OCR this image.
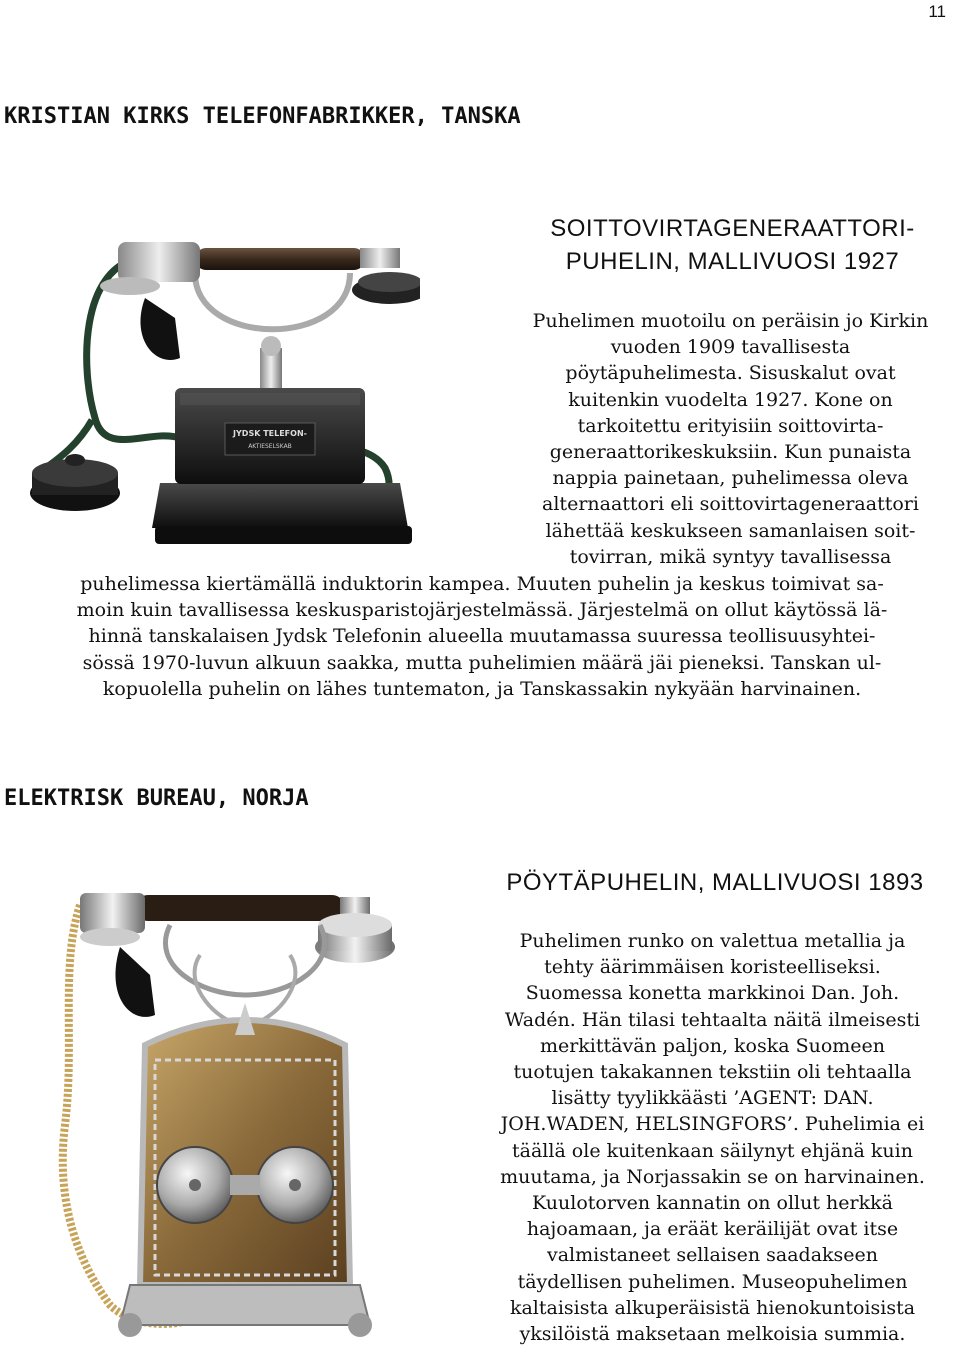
11
KRISTIAN KIRKS TELEFONFABRIKKER, TANSKA
SOITTOVIRTAGENERAATTORI-
PUHELIN, MALLIVUOSI 1927
JYDSK TELEFON-
AKTIESELSKAB
Puhelimen muotoilu on peräisin jo Kirkin
vuoden 1909 tavallisesta
pöytäpuhelimesta. Sisuskalut ovat
kuitenkin vuodelta 1927. Kone on
tarkoitettu erityisiin soittovirta-
generaattorikeskuksiin. Kun punaista
nappia painetaan, puhelimessa oleva
alternaattori eli soittovirtageneraattori
lähettää keskukseen samanlaisen soit-
tovirran, mikä syntyy tavallisessa
puhelimessa kiertämällä induktorin kampea. Muuten puhelin ja keskus toimivat sa-
moin kuin tavallisessa keskusparistojärjestelmässä. Järjestelmä on ollut käytössä lä-
hinnä tanskalaisen Jydsk Telefonin alueella muutamassa suuressa teollisuusyhtei-
sössä 1970-luvun alkuun saakka, mutta puhelimien määrä jäi pieneksi. Tanskan ul-
kopuolella puhelin on lähes tuntematon, ja Tanskassakin nykyään harvinainen.
ELEKTRISK BUREAU, NORJA
PÖYTÄPUHELIN, MALLIVUOSI 1893
Puhelimen runko on valettua metallia ja
tehty äärimmäisen koristeelliseksi.
Suomessa konetta markkinoi Dan. Joh.
Wadén. Hän tilasi tehtaalta näitä ilmeisesti
merkittävän paljon, koska Suomeen
tuotujen takakannen tekstiin oli tehtaalla
lisätty tyylikkäästi ’AGENT: DAN.
JOH.WADEN, HELSINGFORS’. Puhelimia ei
täällä ole kuitenkaan säilynyt ehjänä kuin
muutama, ja Norjassakin se on harvinainen.
Kuulotorven kannatin on ollut herkkä
hajoamaan, ja eräät keräilijät ovat itse
valmistaneet sellaisen saadakseen
täydellisen puhelimen. Museopuhelimen
kaltaisista alkuperäisistä hienokuntoisista
yksilöistä maksetaan melkoisia summia.
